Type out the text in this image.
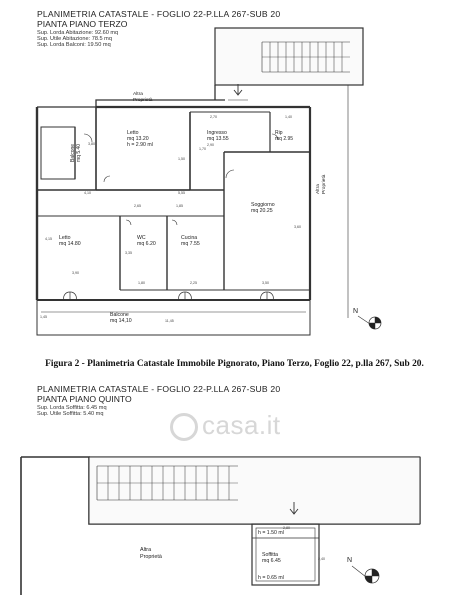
PLANIMETRIA CATASTALE - FOGLIO 22-P.LLA 267-SUB 20
PIANTA PIANO TERZO
Sup. Lorda Abitazione: 92.60 mq
Sup. Utile Abitazione: 78.5 mq
Sup. Lorda Balconi: 19.50 mq
Figura 2 - Planimetria Catastale Immobile Pignorato, Piano Terzo, Foglio 22, p.lla 267, Sub 20.
PLANIMETRIA CATASTALE - FOGLIO 22-P.LLA 267-SUB 20
PIANTA PIANO QUINTO
Sup. Lorda Soffitta: 6.45 mq
Sup. Utile Soffitta: 5.40 mq	casa.it
N
Altra Proprietà
AltraProprietà
Letto mq 13.20 h = 2.90 ml
Ingresso mq 13.55
Rip mq 2.95
Balconemq 5.40
Soggiorno mq 20.25
Letto mq 14.80
WC mq 6.20
Cucina mq 7.55
Balcone mq 14,10
2,90
1,70
2,70	1,40
3,80
1,50
4,10	5,55
4,15
3,90
3,35
1,80	2,25
3,60
3,50
1,45
11,45
2,65	1,85
N
Altra Proprietà	Soffitta mq 6.45
h = 1.50 ml
h = 0.65 ml
2,80
2,40
